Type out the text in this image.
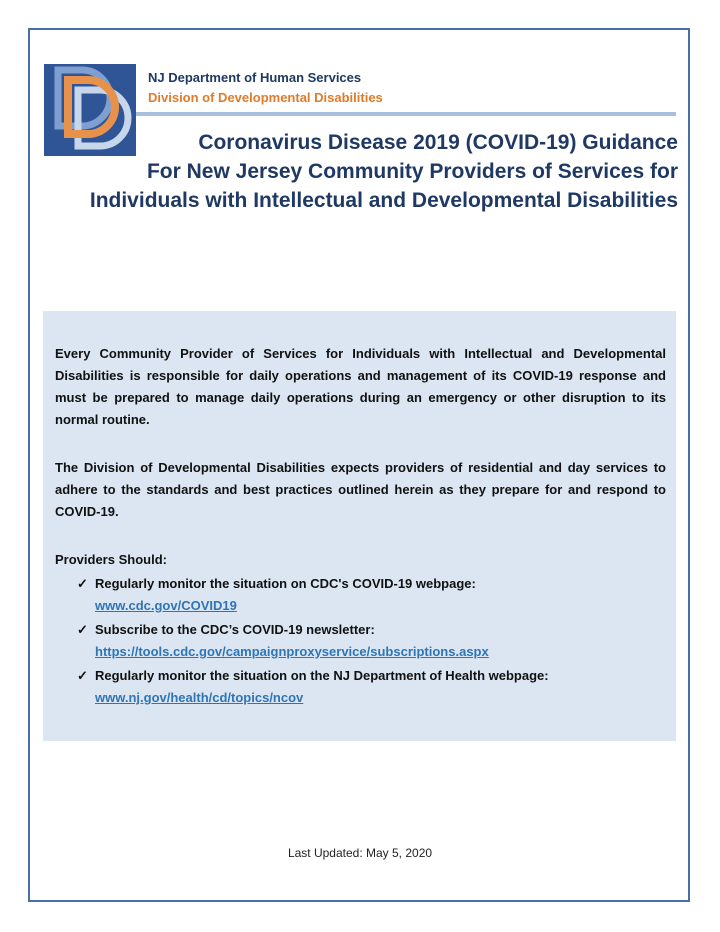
NJ Department of Human Services
Division of Developmental Disabilities
Coronavirus Disease 2019 (COVID-19) Guidance
For New Jersey Community Providers of Services for
Individuals with Intellectual and Developmental Disabilities

Every Community Provider of Services for Individuals with Intellectual and Developmental Disabilities is responsible for daily operations and management of its COVID-19 response and must be prepared to manage daily operations during an emergency or other disruption to its normal routine.

The Division of Developmental Disabilities expects providers of residential and day services to adhere to the standards and best practices outlined herein as they prepare for and respond to COVID-19.

Providers Should:

✓ Regularly monitor the situation on CDC's COVID-19 webpage:
www.cdc.gov/COVID19
✓ Subscribe to the CDC’s COVID-19 newsletter:
https://tools.cdc.gov/campaignproxyservice/subscriptions.aspx
✓ Regularly monitor the situation on the NJ Department of Health webpage:
www.nj.gov/health/cd/topics/ncov
Last Updated: May 5, 2020
